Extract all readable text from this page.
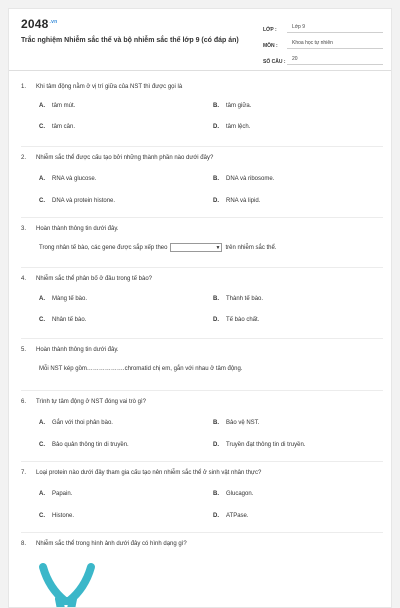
$2048^{.vn}$
Trắc nghiệm Nhiễm sắc thể và bộ nhiễm sắc thể lớp 9 (có đáp án)
LỚP :	Lớp 9
MÔN :	Khoa học tự nhiên
SỐ CÂU :	20
1. Khi tâm động nằm ở vị trí giữa của NST thì được gọi là
A. tâm mút.	B. tâm giữa.
C. tâm cân.	D. tâm lệch.
2. Nhiễm sắc thể được cấu tạo bởi những thành phần nào dưới đây?
A. RNA và glucose.	B. DNA và ribosome.
C. DNA và protein histone.	D. RNA và lipid.
3. Hoàn thành thông tin dưới đây.
Trong nhân tế bào, các gene được sắp xếp theo	▼ trên nhiễm sắc thể.
4. Nhiễm sắc thể phân bố ở đâu trong tế bào?
A. Màng tế bào.	B. Thành tế bào.
C. Nhân tế bào.	D. Tế bào chất.
5. Hoàn thành thông tin dưới đây.
Mỗi NST kép gồm……………….chromatid chị em, gắn với nhau ở tâm động.
6. Trình tự tâm động ở NST đóng vai trò gì?
A. Gắn với thoi phân bào.	B. Bảo vệ NST.
C. Bảo quản thông tin di truyền.	D. Truyền đạt thông tin di truyền.
7. Loại protein nào dưới đây tham gia cấu tạo nên nhiễm sắc thể ở sinh vật nhân thực?
A. Papain.	B. Glucagon.
C. Histone.	D. ATPase.
8. Nhiễm sắc thể trong hình ảnh dưới đây có hình dạng gì?
